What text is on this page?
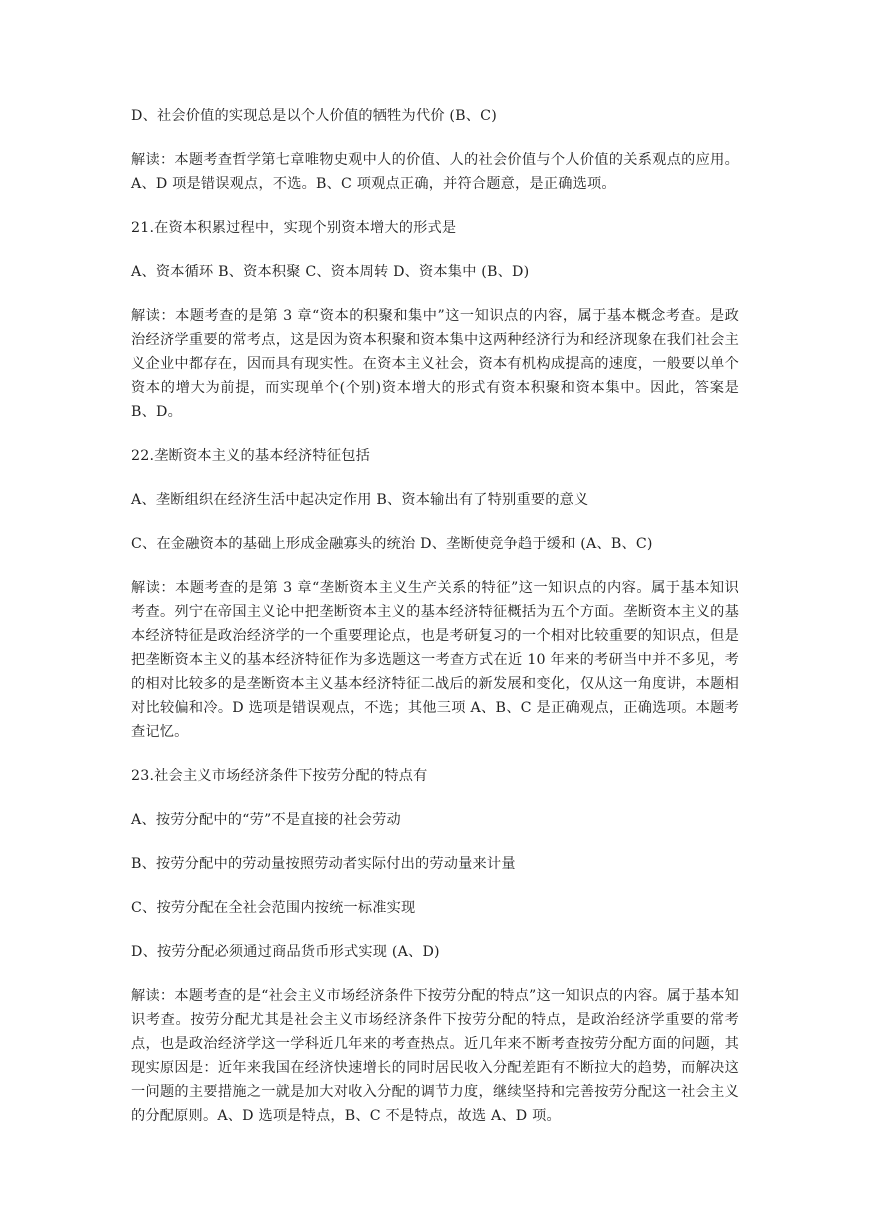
D、社会价值的实现总是以个人价值的牺牲为代价 (B、C)

解读：本题考查哲学第七章唯物史观中人的价值、人的社会价值与个人价值的关系观点的应用。A、D 项是错误观点，不选。B、C 项观点正确，并符合题意，是正确选项。

21.在资本积累过程中，实现个别资本增大的形式是

A、资本循环 B、资本积聚 C、资本周转 D、资本集中 (B、D)

解读：本题考查的是第 3 章“资本的积聚和集中”这一知识点的内容，属于基本概念考查。是政治经济学重要的常考点，这是因为资本积聚和资本集中这两种经济行为和经济现象在我们社会主义企业中都存在，因而具有现实性。在资本主义社会，资本有机构成提高的速度，一般要以单个资本的增大为前提，而实现单个(个别)资本增大的形式有资本积聚和资本集中。因此，答案是 B、D。

22.垄断资本主义的基本经济特征包括

A、垄断组织在经济生活中起决定作用 B、资本输出有了特别重要的意义

C、在金融资本的基础上形成金融寡头的统治 D、垄断使竞争趋于缓和 (A、B、C)

解读：本题考查的是第 3 章“垄断资本主义生产关系的特征”这一知识点的内容。属于基本知识考查。列宁在帝国主义论中把垄断资本主义的基本经济特征概括为五个方面。垄断资本主义的基本经济特征是政治经济学的一个重要理论点，也是考研复习的一个相对比较重要的知识点，但是把垄断资本主义的基本经济特征作为多选题这一考查方式在近 10 年来的考研当中并不多见，考的相对比较多的是垄断资本主义基本经济特征二战后的新发展和变化，仅从这一角度讲，本题相对比较偏和冷。D 选项是错误观点，不选；其他三项 A、B、C 是正确观点，正确选项。本题考查记忆。

23.社会主义市场经济条件下按劳分配的特点有

A、按劳分配中的“劳”不是直接的社会劳动

B、按劳分配中的劳动量按照劳动者实际付出的劳动量来计量

C、按劳分配在全社会范围内按统一标准实现

D、按劳分配必须通过商品货币形式实现 (A、D)

解读：本题考查的是“社会主义市场经济条件下按劳分配的特点”这一知识点的内容。属于基本知识考查。按劳分配尤其是社会主义市场经济条件下按劳分配的特点，是政治经济学重要的常考点，也是政治经济学这一学科近几年来的考查热点。近几年来不断考查按劳分配方面的问题，其现实原因是：近年来我国在经济快速增长的同时居民收入分配差距有不断拉大的趋势，而解决这一问题的主要措施之一就是加大对收入分配的调节力度，继续坚持和完善按劳分配这一社会主义的分配原则。A、D 选项是特点，B、C 不是特点，故选 A、D 项。
